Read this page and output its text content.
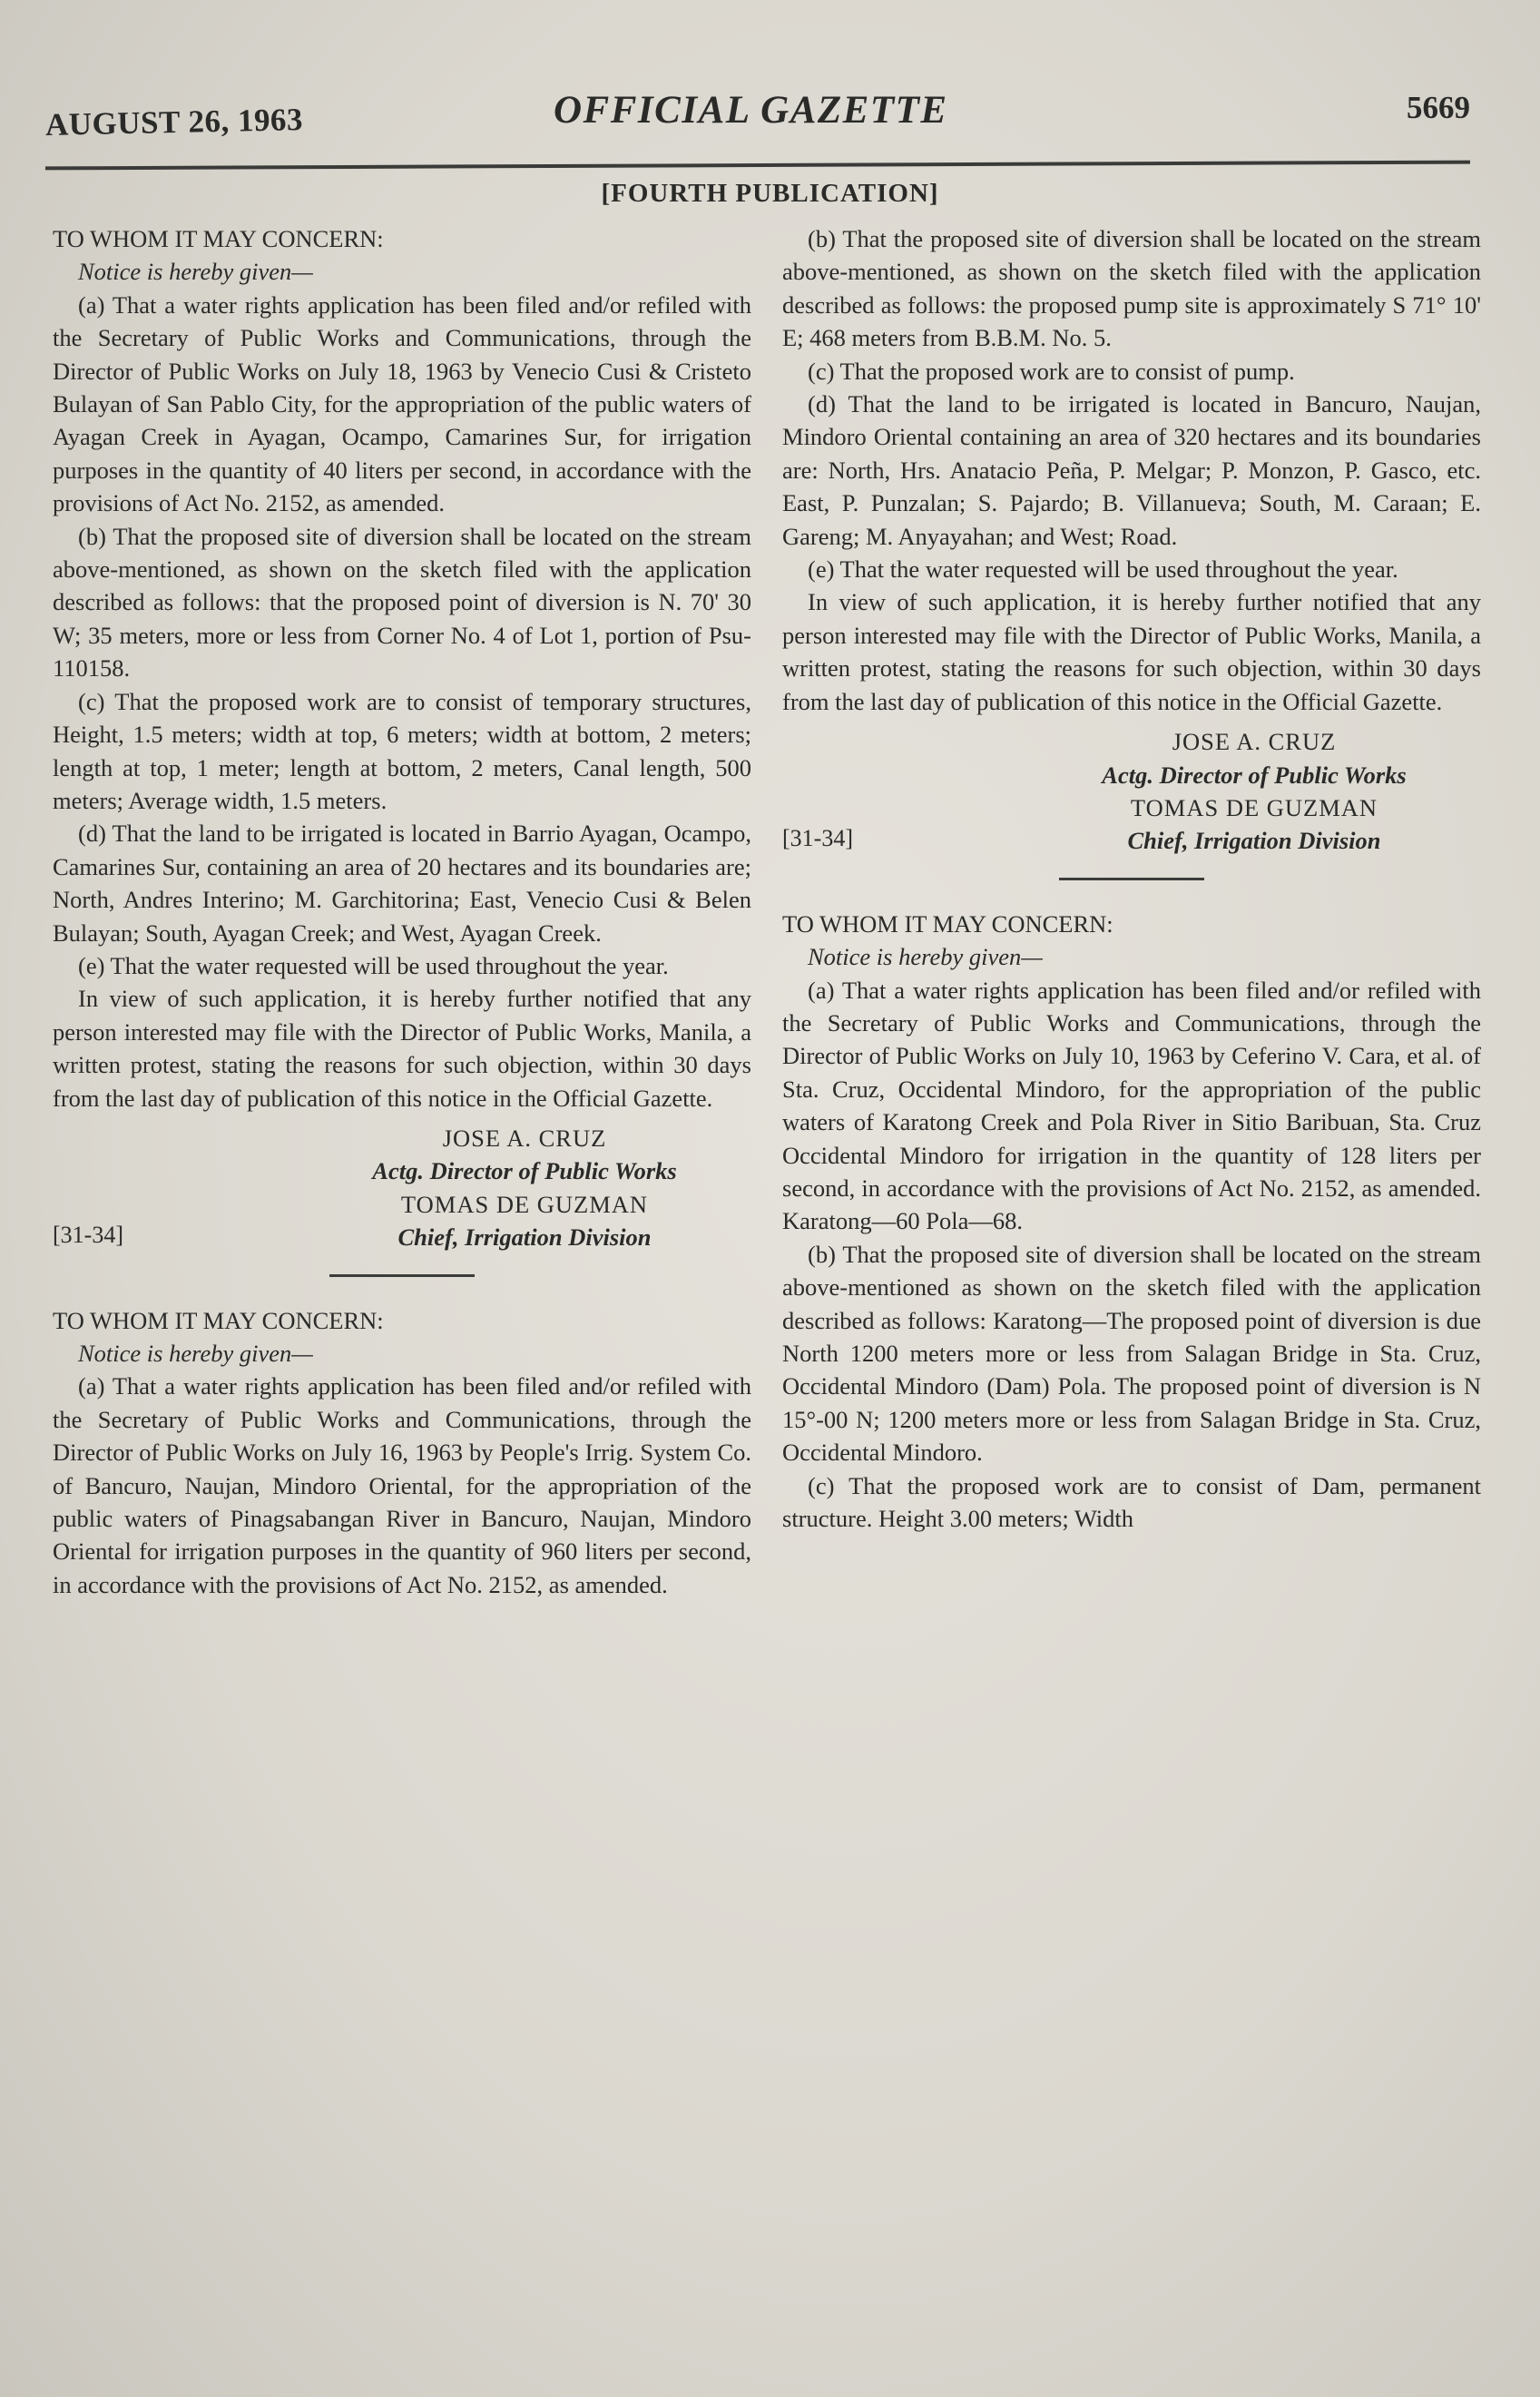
AUGUST 26, 1963	OFFICIAL GAZETTE	5669
[FOURTH PUBLICATION]

TO WHOM IT MAY CONCERN:

Notice is hereby given—

(a) That a water rights application has been filed and/or refiled with the Secretary of Public Works and Communications, through the Director of Public Works on July 18, 1963 by Venecio Cusi & Cristeto Bulayan of San Pablo City, for the appropriation of the public waters of Ayagan Creek in Ayagan, Ocampo, Camarines Sur, for irrigation purposes in the quantity of 40 liters per second, in accordance with the provisions of Act No. 2152, as amended.

(b) That the proposed site of diversion shall be located on the stream above-mentioned, as shown on the sketch filed with the application described as follows: that the proposed point of diversion is N. 70' 30 W; 35 meters, more or less from Corner No. 4 of Lot 1, portion of Psu-110158.

(c) That the proposed work are to consist of temporary structures, Height, 1.5 meters; width at top, 6 meters; width at bottom, 2 meters; length at top, 1 meter; length at bottom, 2 meters, Canal length, 500 meters; Average width, 1.5 meters.

(d) That the land to be irrigated is located in Barrio Ayagan, Ocampo, Camarines Sur, containing an area of 20 hectares and its boundaries are; North, Andres Interino; M. Garchitorina; East, Venecio Cusi & Belen Bulayan; South, Ayagan Creek; and West, Ayagan Creek.

(e) That the water requested will be used throughout the year.

In view of such application, it is hereby further notified that any person interested may file with the Director of Public Works, Manila, a written protest, stating the reasons for such objection, within 30 days from the last day of publication of this notice in the Official Gazette.

JOSE A. CRUZ
Actg. Director of Public Works
[31-34]
TOMAS DE GUZMAN
Chief, Irrigation Division

TO WHOM IT MAY CONCERN:

Notice is hereby given—

(a) That a water rights application has been filed and/or refiled with the Secretary of Public Works and Communications, through the Director of Public Works on July 16, 1963 by People's Irrig. System Co. of Bancuro, Naujan, Mindoro Oriental, for the appropriation of the public waters of Pinagsabangan River in Bancuro, Naujan, Mindoro Oriental for irrigation purposes in the quantity of 960 liters per second, in accordance with the provisions of Act No. 2152, as amended.

(b) That the proposed site of diversion shall be located on the stream above-mentioned, as shown on the sketch filed with the application described as follows: the proposed pump site is approximately S 71° 10' E; 468 meters from B.B.M. No. 5.

(c) That the proposed work are to consist of pump.

(d) That the land to be irrigated is located in Bancuro, Naujan, Mindoro Oriental containing an area of 320 hectares and its boundaries are: North, Hrs. Anatacio Peña, P. Melgar; P. Monzon, P. Gasco, etc. East, P. Punzalan; S. Pajardo; B. Villanueva; South, M. Caraan; E. Gareng; M. Anyayahan; and West; Road.

(e) That the water requested will be used throughout the year.

In view of such application, it is hereby further notified that any person interested may file with the Director of Public Works, Manila, a written protest, stating the reasons for such objection, within 30 days from the last day of publication of this notice in the Official Gazette.

JOSE A. CRUZ
Actg. Director of Public Works
[31-34]
TOMAS DE GUZMAN
Chief, Irrigation Division

TO WHOM IT MAY CONCERN:

Notice is hereby given—

(a) That a water rights application has been filed and/or refiled with the Secretary of Public Works and Communications, through the Director of Public Works on July 10, 1963 by Ceferino V. Cara, et al. of Sta. Cruz, Occidental Mindoro, for the appropriation of the public waters of Karatong Creek and Pola River in Sitio Baribuan, Sta. Cruz Occidental Mindoro for irrigation in the quantity of 128 liters per second, in accordance with the provisions of Act No. 2152, as amended. Karatong—60 Pola—68.

(b) That the proposed site of diversion shall be located on the stream above-mentioned as shown on the sketch filed with the application described as follows: Karatong—The proposed point of diversion is due North 1200 meters more or less from Salagan Bridge in Sta. Cruz, Occidental Mindoro (Dam) Pola. The proposed point of diversion is N 15°-00 N; 1200 meters more or less from Salagan Bridge in Sta. Cruz, Occidental Mindoro.

(c) That the proposed work are to consist of Dam, permanent structure. Height 3.00 meters; Width
